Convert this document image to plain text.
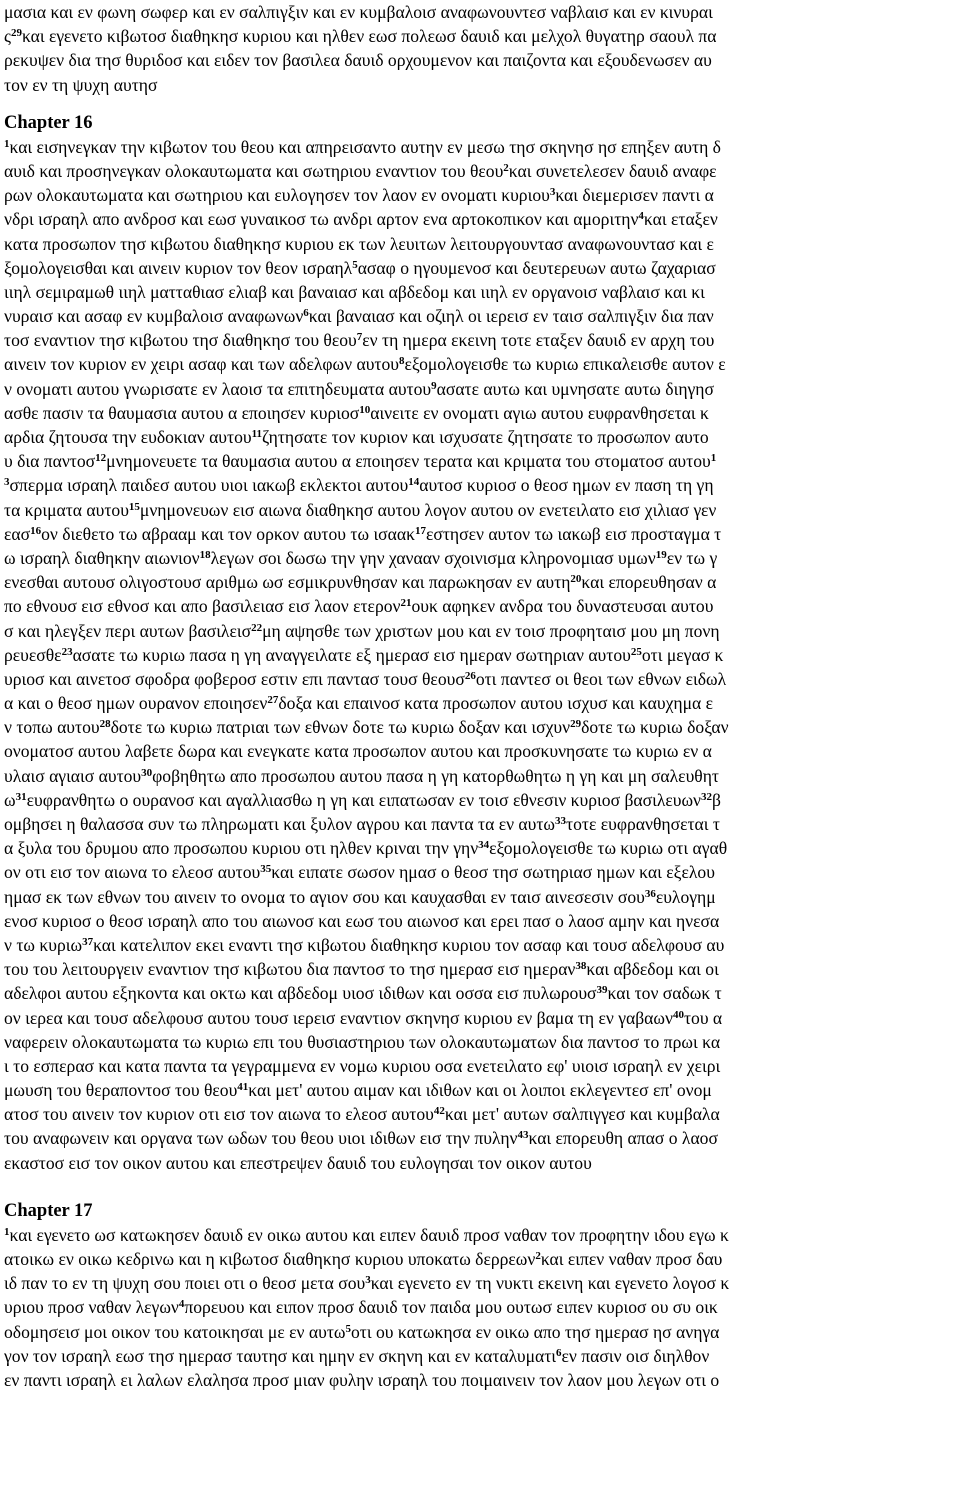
μασια και εν φωνη σωφερ και εν σαλπιγξιν και εν κυμβαλοισ αναφωνουντεσ ναβλαισ και εν κινυραι
$\varsigma^{29}\kappa\alpha\iota$ εγενετο κιβωτοσ διαθηκησ κυριου και ηλθεν εωσ πολεωσ δαυιδ και μελχολ θυγατηρ σαουλ πα
ρεκυψεν δια τησ θυριδοσ και ειδεν τον βασιλεα δαυιδ ορχουμενον και παιζοντα και εξουδενωσεν αυ
τον εν τη ψυχη αυτησ
Chapter 16
$^1$και εισηνεγκαν την κιβωτον του θεου και απηρεισαντο αυτην εν μεσω τησ σκηνησ ησ επηξεν αυτη δ
αυιδ και προσηνεγκαν ολοκαυτωματα και σωτηριου εναντιον του θεου$^2$και συνετελεσεν δαυιδ αναφε
ρων ολοκαυτωματα και σωτηριου και ευλογησεν τον λαον εν ονοματι κυριου$^3$και διεμερισεν παντι α
νδρι ισραηλ απο ανδροσ και εωσ γυναικοσ τω ανδρι αρτον ενα αρτοκοπικον και αμοριτην$^4$και εταξεν
κατα προσωπον τησ κιβωτου διαθηκησ κυριου εκ των λευιτων λειτουργουντασ αναφωνουντασ και ε
ξομολογεισθαι και αινειν κυριον τον θεον ισραηλ$^5$ασαφ ο ηγουμενοσ και δευτερευων αυτω ζαχαριασ
ιιηλ σεμιραμωθ ιιηλ ματταθιασ ελιαβ και βαναιασ και αβδεδομ και ιιηλ εν οργανοισ ναβλαισ και κι
νυραισ και ασαφ εν κυμβαλοισ αναφωνων$^6$και βαναιασ και οζιηλ οι ιερεισ εν ταισ σαλπιγξιν δια παν
τοσ εναντιον τησ κιβωτου τησ διαθηκησ του θεου$^7$εν τη ημερα εκεινη τοτε εταξεν δαυιδ εν αρχη του
αινειν τον κυριον εν χειρι ασαφ και των αδελφων αυτου$^8$εξομολογεισθε τω κυριω επικαλεισθε αυτον ε
ν ονοματι αυτου γνωρισατε εν λαοισ τα επιτηδευματα αυτου$^9$ασατε αυτω και υμνησατε αυτω διηγησ
ασθε πασιν τα θαυμασια αυτου α εποιησεν κυριοσ$^{10}$αινειτε εν ονοματι αγιω αυτου ευφρανθησεται κ
αρδια ζητουσα την ευδοκιαν αυτου$^{11}$ζητησατε τον κυριον και ισχυσατε ζητησατε το προσωπον αυτο
υ δια παντοσ$^{12}$μνημονευετε τα θαυμασια αυτου α εποιησεν τερατα και κριματα του στοματοσ αυτου$^1$
$^3$σπερμα ισραηλ παιδεσ αυτου υιοι ιακωβ εκλεκτοι αυτου$^{14}$αυτοσ κυριοσ ο θεοσ ημων εν παση τη γη
τα κριματα αυτου$^{15}$μνημονευων εισ αιωνα διαθηκησ αυτου λογον αυτου ον ενετειλατο εισ χιλιασ γεν
εασ$^{16}$ον διεθετο τω αβρααμ και τον ορκον αυτου τω ισαακ$^{17}$εστησεν αυτον τω ιακωβ εισ προσταγμα τ
ω ισραηλ διαθηκην αιωνιον$^{18}$λεγων σοι δωσω την γην χανααν σχοινισμα κληρονομιασ υμων$^{19}$εν τω γ
ενεσθαι αυτουσ ολιγοστουσ αριθμω ωσ εσμικρυνθησαν και παρωκησαν εν αυτη$^{20}$και επορευθησαν α
πο εθνουσ εισ εθνοσ και απο βασιλειασ εισ λαον ετερον$^{21}$ουκ αφηκεν ανδρα του δυναστευσαι αυτου
σ και ηλεγξεν περι αυτων βασιλεισ$^{22}$μη αψησθε των χριστων μου και εν τοισ προφηταισ μου μη πονη
ρευεσθε$^{23}$ασατε τω κυριω πασα η γη αναγγειλατε εξ ημερασ εισ ημεραν σωτηριαν αυτου$^{25}$οτι μεγασ κ
υριοσ και αινετοσ σφοδρα φοβεροσ εστιν επι παντασ τουσ θεουσ$^{26}$οτι παντεσ οι θεοι των εθνων ειδωλ
α και ο θεοσ ημων ουρανον εποιησεν$^{27}$δοξα και επαινοσ κατα προσωπον αυτου ισχυσ και καυχημα ε
ν τοπω αυτου$^{28}$δοτε τω κυριω πατριαι των εθνων δοτε τω κυριω δοξαν και ισχυν$^{29}$δοτε τω κυριω δοξαν
ονοματοσ αυτου λαβετε δωρα και ενεγκατε κατα προσωπον αυτου και προσκυνησατε τω κυριω εν α
υλαισ αγιαισ αυτου$^{30}$φοβηθητω απο προσωπου αυτου πασα η γη κατορθωθητω η γη και μη σαλευθητ
$\omega^{31}\varepsilon\upsilon\varphi\rho\alpha\nu\theta\eta\tau\omega$ ο ουρανοσ και αγαλλιασθω η γη και ειπατωσαν εν τοισ εθνεσιν κυριοσ βασιλευων$^{32}$β
ομβησει η θαλασσα συν τω πληρωματι και ξυλον αγρου και παντα τα εν αυτω$^{33}$τοτε ευφρανθησεται τ
α ξυλα του δρυμου απο προσωπου κυριου οτι ηλθεν κριναι την γην$^{34}$εξομολογεισθε τω κυριω οτι αγαθ
ον οτι εισ τον αιωνα το ελεοσ αυτου$^{35}$και ειπατε σωσον ημασ ο θεοσ τησ σωτηριασ ημων και εξελου
ημασ εκ των εθνων του αινειν το ονομα το αγιον σου και καυχασθαι εν ταισ αινεσεσιν σου$^{36}$ευλογημ
ενοσ κυριοσ ο θεοσ ισραηλ απο του αιωνοσ και εωσ του αιωνοσ και ερει πασ ο λαοσ αμην και ηνεσα
ν τω κυριω$^{37}$και κατελιπον εκει εναντι τησ κιβωτου διαθηκησ κυριου τον ασαφ και τουσ αδελφουσ αυ
του του λειτουργειν εναντιον τησ κιβωτου δια παντοσ το τησ ημερασ εισ ημεραν$^{38}$και αβδεδομ και οι
αδελφοι αυτου εξηκοντα και οκτω και αβδεδομ υιοσ ιδιθων και οσσα εισ πυλωρουσ$^{39}$και τον σαδωκ τ
ον ιερεα και τουσ αδελφουσ αυτου τουσ ιερεισ εναντιον σκηνησ κυριου εν βαμα τη εν γαβαων$^{40}$του α
ναφερειν ολοκαυτωματα τω κυριω επι του θυσιαστηριου των ολοκαυτωματων δια παντοσ το πρωι κα
ι το εσπερασ και κατα παντα τα γεγραμμενα εν νομω κυριου οσα ενετειλατο εφ' υιοισ ισραηλ εν χειρι
μωυση του θεραποντοσ του θεου$^{41}$και μετ' αυτου αιμαν και ιδιθων και οι λοιποι εκλεγεντεσ επ' ονομ
ατοσ του αινειν τον κυριον οτι εισ τον αιωνα το ελεοσ αυτου$^{42}$και μετ' αυτων σαλπιγγεσ και κυμβαλα
του αναφωνειν και οργανα των ωδων του θεου υιοι ιδιθων εισ την πυλην$^{43}$και επορευθη απασ ο λαοσ
εκαστοσ εισ τον οικον αυτου και επεστρεψεν δαυιδ του ευλογησαι τον οικον αυτου
Chapter 17
$^1$και εγενετο ωσ κατωκησεν δαυιδ εν οικω αυτου και ειπεν δαυιδ προσ ναθαν τον προφητην ιδου εγω κ
ατοικω εν οικω κεδρινω και η κιβωτοσ διαθηκησ κυριου υποκατω δερρεων$^2$και ειπεν ναθαν προσ δαυ
ιδ παν το εν τη ψυχη σου ποιει οτι ο θεοσ μετα σου$^3$και εγενετο εν τη νυκτι εκεινη και εγενετο λογοσ κ
υριου προσ ναθαν λεγων$^4$πορευου και ειπον προσ δαυιδ τον παιδα μου ουτωσ ειπεν κυριοσ ου συ οικ
οδομησεισ μοι οικον του κατοικησαι με εν αυτω$^5$οτι ου κατωκησα εν οικω απο τησ ημερασ ησ ανηγα
γον τον ισραηλ εωσ τησ ημερασ ταυτησ και ημην εν σκηνη και εν καταλυματι$^6$εν πασιν οισ διηλθον
εν παντι ισραηλ ει λαλων ελαλησα προσ μιαν φυλην ισραηλ του ποιμαινειν τον λαον μου λεγων οτι ο
